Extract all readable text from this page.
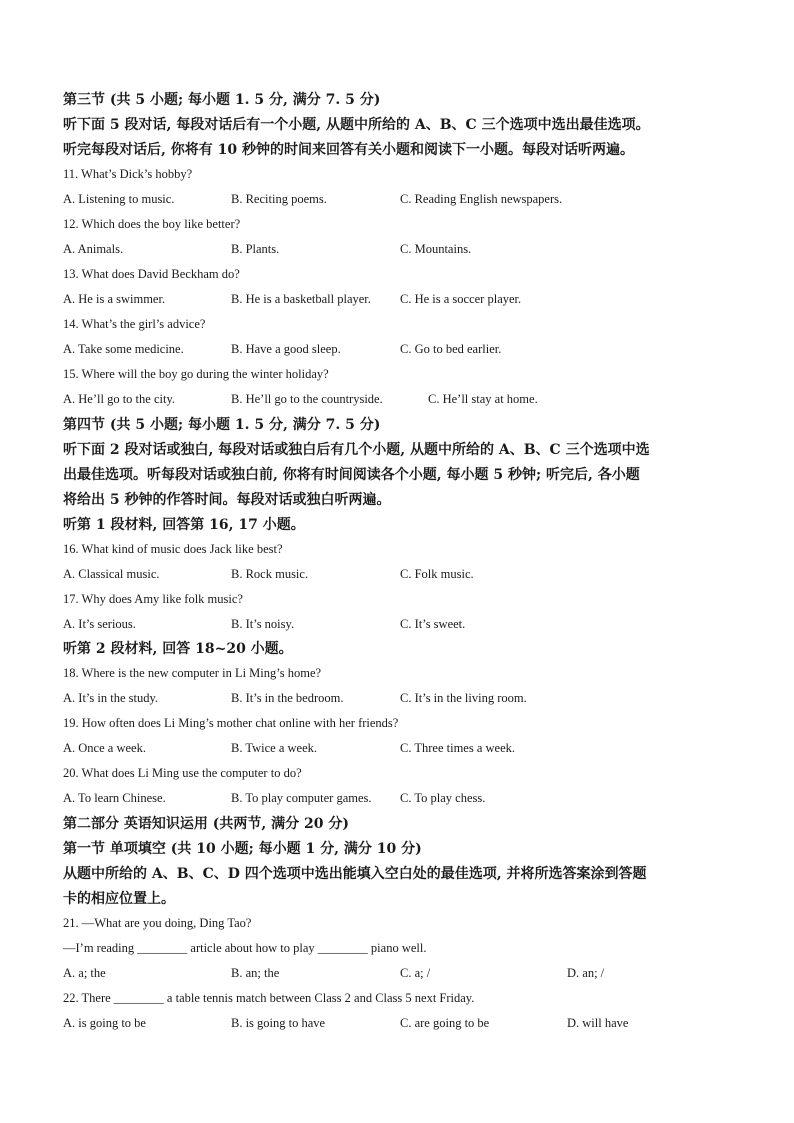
第三节 (共 5 小题; 每小题 1. 5 分, 满分 7. 5 分)
听下面 5 段对话, 每段对话后有一个小题, 从题中所给的 A、B、C 三个选项中选出最佳选项。
听完每段对话后, 你将有 10 秒钟的时间来回答有关小题和阅读下一小题。每段对话听两遍。
11. What’s Dick’s hobby?
A. Listening to music.	B. Reciting poems.	C. Reading English newspapers.
12. Which does the boy like better?
A. Animals.	B. Plants.	C. Mountains.
13. What does David Beckham do?
A. He is a swimmer.	B. He is a basketball player. C. He is a soccer player.
14. What’s the girl’s advice?
A. Take some medicine.	B. Have a good sleep.	C. Go to bed earlier.
15. Where will the boy go during the winter holiday?
A. He’ll go to the city.	B. He’ll go to the countryside.	C. He’ll stay at home.
第四节 (共 5 小题; 每小题 1. 5 分, 满分 7. 5 分)
听下面 2 段对话或独白, 每段对话或独白后有几个小题, 从题中所给的 A、B、C 三个选项中选
出最佳选项。听每段对话或独白前, 你将有时间阅读各个小题, 每小题 5 秒钟; 听完后, 各小题
将给出 5 秒钟的作答时间。每段对话或独白听两遍。
听第 1 段材料, 回答第 16, 17 小题。
16. What kind of music does Jack like best?
A. Classical music.	B. Rock music.	C. Folk music.
17. Why does Amy like folk music?
A. It’s serious.	B. It’s noisy.	C. It’s sweet.
听第 2 段材料, 回答 18~20 小题。
18. Where is the new computer in Li Ming’s home?
A. It’s in the study.	B. It’s in the bedroom.	C. It’s in the living room.
19. How often does Li Ming’s mother chat online with her friends?
A. Once a week.	B. Twice a week.	C. Three times a week.
20. What does Li Ming use the computer to do?
A. To learn Chinese.	B. To play computer games. C. To play chess.
第二部分 英语知识运用 (共两节, 满分 20 分)
第一节 单项填空 (共 10 小题; 每小题 1 分, 满分 10 分)
从题中所给的 A、B、C、D 四个选项中选出能填入空白处的最佳选项, 并将所选答案涂到答题
卡的相应位置上。
21. —What are you doing, Ding Tao?
—I’m reading ________ article about how to play ________ piano well.
A. a; the	B. an; the	C. a; /	D. an; /
22. There ________ a table tennis match between Class 2 and Class 5 next Friday.
A. is going to be	B. is going to have	C. are going to be	D. will have
